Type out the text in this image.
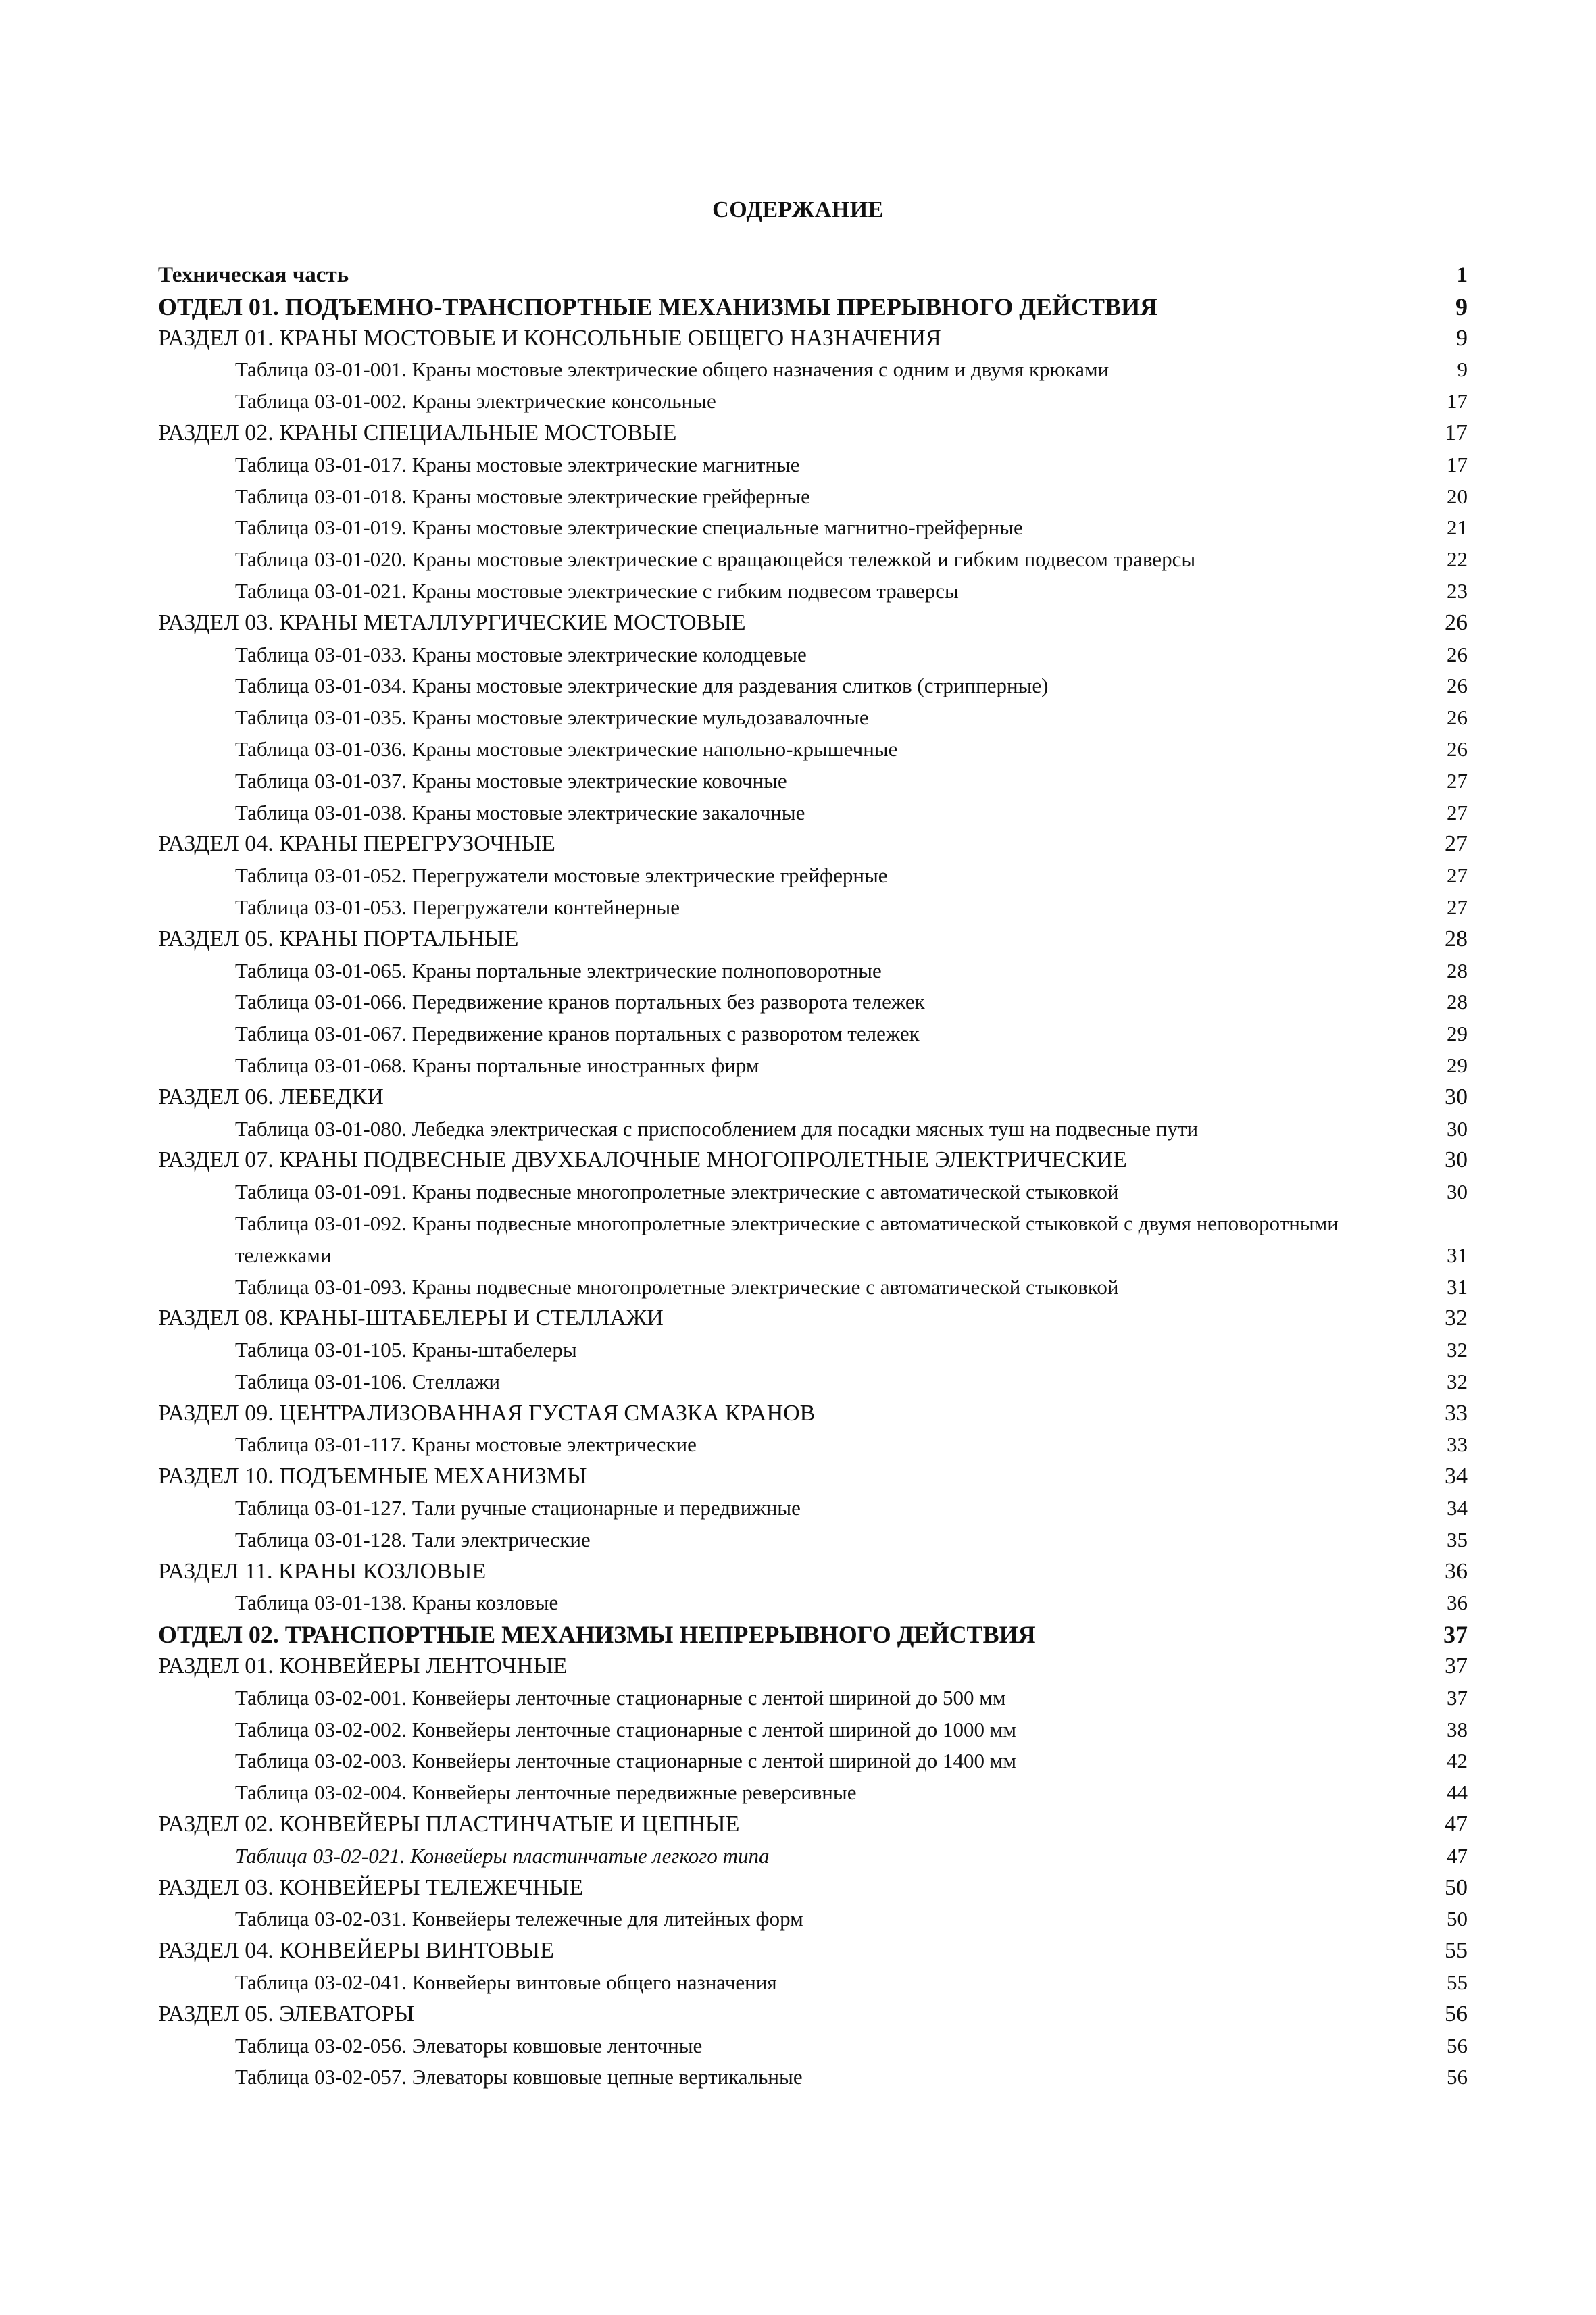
СОДЕРЖАНИЕ
Техническая часть	1
ОТДЕЛ 01. ПОДЪЕМНО-ТРАНСПОРТНЫЕ МЕХАНИЗМЫ ПРЕРЫВНОГО ДЕЙСТВИЯ	9
РАЗДЕЛ 01. КРАНЫ МОСТОВЫЕ И КОНСОЛЬНЫЕ ОБЩЕГО НАЗНАЧЕНИЯ	9
Таблица 03-01-001. Краны мостовые электрические общего назначения с одним и двумя крюками	9
Таблица 03-01-002. Краны электрические консольные	17
РАЗДЕЛ 02. КРАНЫ СПЕЦИАЛЬНЫЕ МОСТОВЫЕ	17
Таблица 03-01-017. Краны мостовые электрические магнитные	17
Таблица 03-01-018. Краны мостовые электрические грейферные	20
Таблица 03-01-019. Краны мостовые электрические специальные магнитно-грейферные	21
Таблица 03-01-020. Краны мостовые электрические с вращающейся тележкой и гибким подвесом траверсы	22
Таблица 03-01-021. Краны мостовые электрические с гибким подвесом траверсы	23
РАЗДЕЛ 03. КРАНЫ МЕТАЛЛУРГИЧЕСКИЕ МОСТОВЫЕ	26
Таблица 03-01-033. Краны мостовые электрические колодцевые	26
Таблица 03-01-034. Краны мостовые электрические для раздевания слитков (стрипперные)	26
Таблица 03-01-035. Краны мостовые электрические мульдозавалочные	26
Таблица 03-01-036. Краны мостовые электрические напольно-крышечные	26
Таблица 03-01-037. Краны мостовые электрические ковочные	27
Таблица 03-01-038. Краны мостовые электрические закалочные	27
РАЗДЕЛ 04. КРАНЫ ПЕРЕГРУЗОЧНЫЕ	27
Таблица 03-01-052. Перегружатели мостовые электрические грейферные	27
Таблица 03-01-053. Перегружатели контейнерные	27
РАЗДЕЛ 05. КРАНЫ ПОРТАЛЬНЫЕ	28
Таблица 03-01-065. Краны портальные электрические полноповоротные	28
Таблица 03-01-066. Передвижение кранов портальных без разворота тележек	28
Таблица 03-01-067. Передвижение кранов портальных с разворотом тележек	29
Таблица 03-01-068. Краны портальные иностранных фирм	29
РАЗДЕЛ 06. ЛЕБЕДКИ	30
Таблица 03-01-080. Лебедка электрическая с приспособлением для посадки мясных туш на подвесные пути	30
РАЗДЕЛ 07. КРАНЫ ПОДВЕСНЫЕ ДВУХБАЛОЧНЫЕ МНОГОПРОЛЕТНЫЕ ЭЛЕКТРИЧЕСКИЕ	30
Таблица 03-01-091. Краны подвесные многопролетные электрические с автоматической стыковкой	30
Таблица 03-01-092. Краны подвесные многопролетные электрические с автоматической стыковкой с двумя неповоротными тележками	31
Таблица 03-01-093. Краны подвесные многопролетные электрические с автоматической стыковкой	31
РАЗДЕЛ 08. КРАНЫ-ШТАБЕЛЕРЫ И СТЕЛЛАЖИ	32
Таблица 03-01-105. Краны-штабелеры	32
Таблица 03-01-106. Стеллажи	32
РАЗДЕЛ 09. ЦЕНТРАЛИЗОВАННАЯ ГУСТАЯ СМАЗКА КРАНОВ	33
Таблица 03-01-117. Краны мостовые электрические	33
РАЗДЕЛ 10. ПОДЪЕМНЫЕ МЕХАНИЗМЫ	34
Таблица 03-01-127. Тали ручные стационарные и передвижные	34
Таблица 03-01-128. Тали электрические	35
РАЗДЕЛ 11. КРАНЫ КОЗЛОВЫЕ	36
Таблица 03-01-138. Краны козловые	36
ОТДЕЛ 02. ТРАНСПОРТНЫЕ МЕХАНИЗМЫ НЕПРЕРЫВНОГО ДЕЙСТВИЯ	37
РАЗДЕЛ 01. КОНВЕЙЕРЫ ЛЕНТОЧНЫЕ	37
Таблица 03-02-001. Конвейеры ленточные стационарные с лентой шириной до 500 мм	37
Таблица 03-02-002. Конвейеры ленточные стационарные с лентой шириной до 1000 мм	38
Таблица 03-02-003. Конвейеры ленточные стационарные с лентой шириной до 1400 мм	42
Таблица 03-02-004. Конвейеры ленточные передвижные реверсивные	44
РАЗДЕЛ 02. КОНВЕЙЕРЫ ПЛАСТИНЧАТЫЕ И ЦЕПНЫЕ	47
Таблица 03-02-021. Конвейеры пластинчатые легкого типа	47
РАЗДЕЛ 03. КОНВЕЙЕРЫ ТЕЛЕЖЕЧНЫЕ	50
Таблица 03-02-031. Конвейеры тележечные для литейных форм	50
РАЗДЕЛ 04. КОНВЕЙЕРЫ ВИНТОВЫЕ	55
Таблица 03-02-041. Конвейеры винтовые общего назначения	55
РАЗДЕЛ 05. ЭЛЕВАТОРЫ	56
Таблица 03-02-056. Элеваторы ковшовые ленточные	56
Таблица 03-02-057. Элеваторы ковшовые цепные вертикальные	56
